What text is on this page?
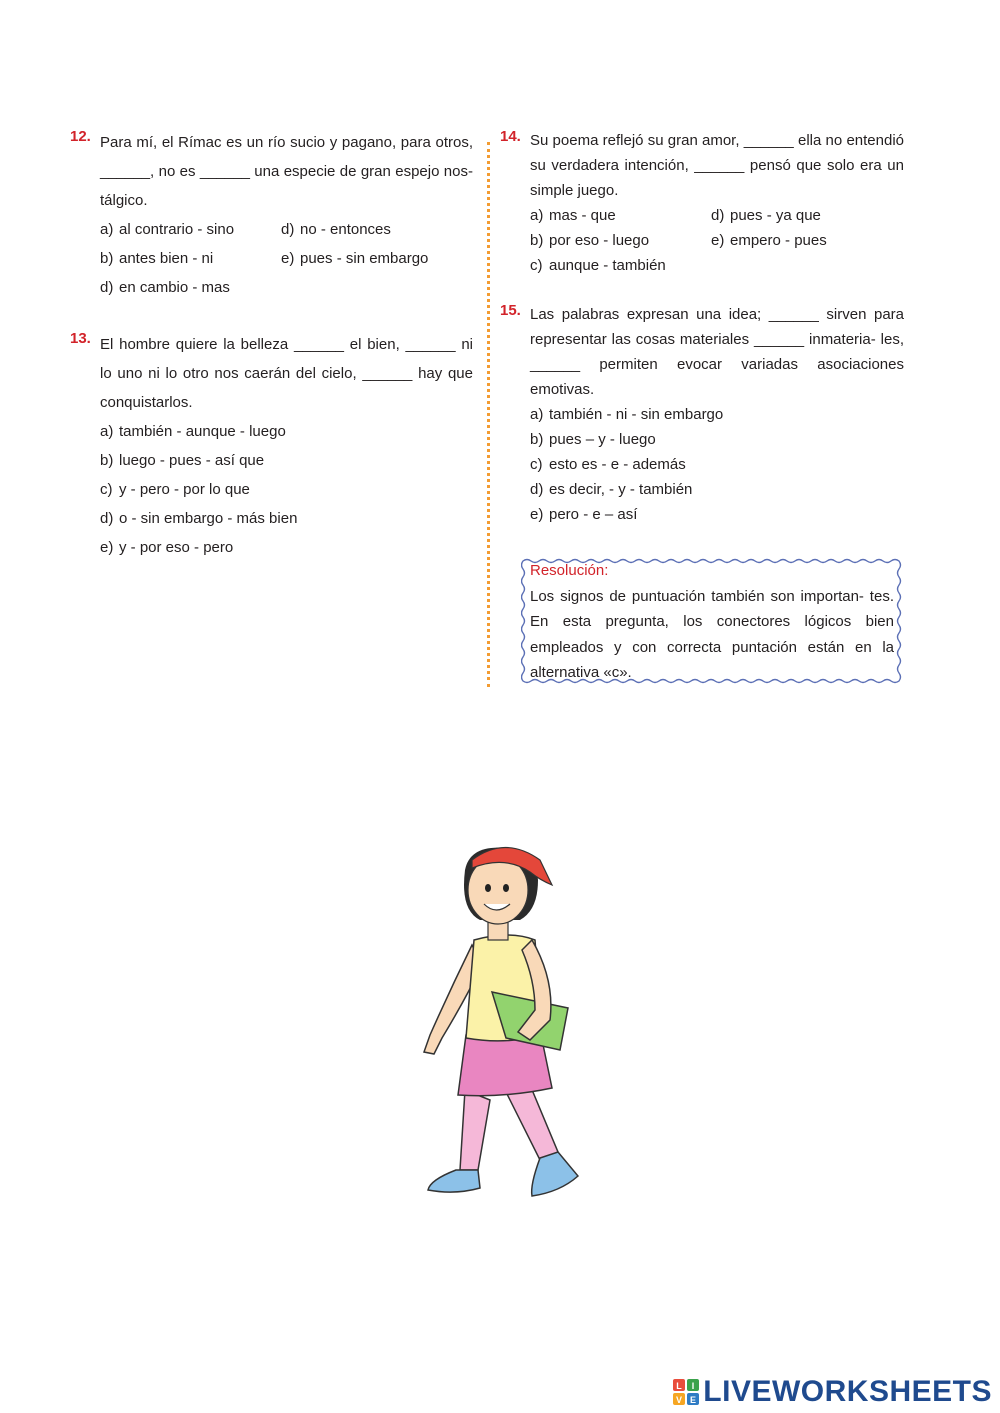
12. Para mí, el Rímac es un río sucio y pagano, para otros, ______, no es ______ una especie de gran espejo nos- tálgico.
a) al contrario - sino	d) no - entonces
b) antes bien - ni	e) pues - sin embargo
d) en cambio - mas
13. El hombre quiere la belleza ______ el bien, ______ ni lo uno ni lo otro nos caerán del cielo, ______ hay que conquistarlos.
a) también - aunque - luego
b) luego - pues - así que
c) y - pero - por lo que
d) o - sin embargo - más bien
e) y - por eso - pero
14. Su poema reflejó su gran amor, ______ ella no entendió su verdadera intención, ______ pensó que solo era un simple juego.
a) mas - que	d) pues - ya que
b) por eso - luego	e) empero - pues
c) aunque - también
15. Las palabras expresan una idea; ______ sirven para representar las cosas materiales ______ inmateria- les, ______ permiten evocar variadas asociaciones emotivas.
a) también - ni - sin embargo
b) pues – y - luego
c) esto es - e - además
d) es decir, - y - también
e) pero - e – así
Resolución:
Los signos de puntuación también son importan- tes. En esta pregunta, los conectores lógicos bien empleados y con correcta puntación están en la alternativa «c».
L I
V E LIVEWORKSHEETS
